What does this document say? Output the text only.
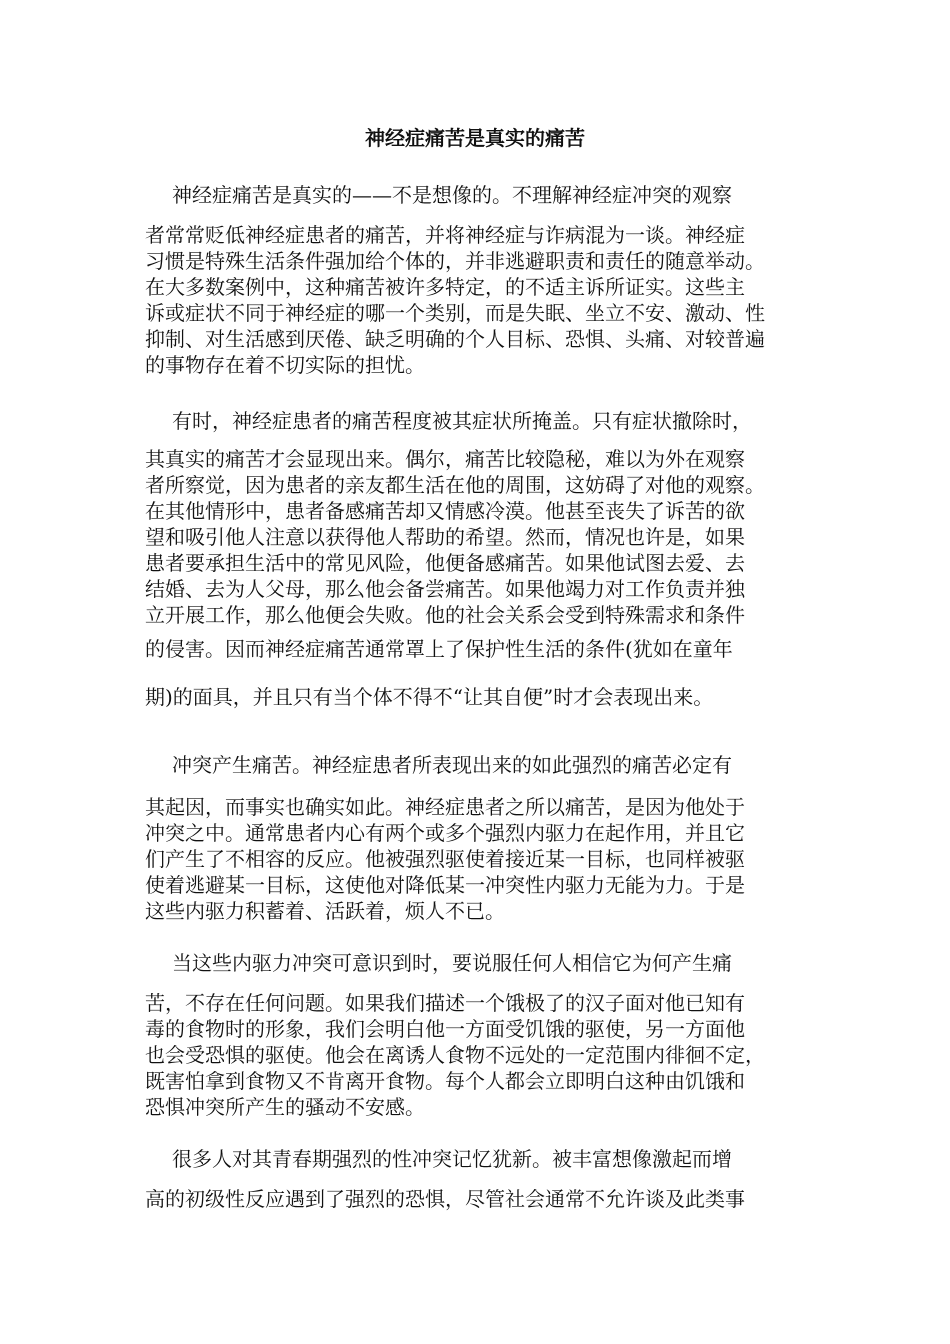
神经症痛苦是真实的痛苦
神经症痛苦是真实的——不是想像的。不理解神经症冲突的观察
者常常贬低神经症患者的痛苦，并将神经症与诈病混为一谈。神经症
习惯是特殊生活条件强加给个体的，并非逃避职责和责任的随意举动。
在大多数案例中，这种痛苦被许多特定，的不适主诉所证实。这些主
诉或症状不同于神经症的哪一个类别，而是失眠、坐立不安、激动、性
抑制、对生活感到厌倦、缺乏明确的个人目标、恐惧、头痛、对较普遍
的事物存在着不切实际的担忧。
有时，神经症患者的痛苦程度被其症状所掩盖。只有症状撤除时，
其真实的痛苦才会显现出来。偶尔，痛苦比较隐秘，难以为外在观察
者所察觉，因为患者的亲友都生活在他的周围，这妨碍了对他的观察。
在其他情形中，患者备感痛苦却又情感冷漠。他甚至丧失了诉苦的欲
望和吸引他人注意以获得他人帮助的希望。然而，情况也许是，如果
患者要承担生活中的常见风险，他便备感痛苦。如果他试图去爱、去
结婚、去为人父母，那么他会备尝痛苦。如果他竭力对工作负责并独
立开展工作，那么他便会失败。他的社会关系会受到特殊需求和条件
的侵害。因而神经症痛苦通常罩上了保护性生活的条件(犹如在童年
期)的面具，并且只有当个体不得不“让其自便”时才会表现出来。
冲突产生痛苦。神经症患者所表现出来的如此强烈的痛苦必定有
其起因，而事实也确实如此。神经症患者之所以痛苦，是因为他处于
冲突之中。通常患者内心有两个或多个强烈内驱力在起作用，并且它
们产生了不相容的反应。他被强烈驱使着接近某一目标，也同样被驱
使着逃避某一目标，这使他对降低某一冲突性内驱力无能为力。于是
这些内驱力积蓄着、活跃着，烦人不已。
当这些内驱力冲突可意识到时，要说服任何人相信它为何产生痛
苦，不存在任何问题。如果我们描述一个饿极了的汉子面对他已知有
毒的食物时的形象，我们会明白他一方面受饥饿的驱使，另一方面他
也会受恐惧的驱使。他会在离诱人食物不远处的一定范围内徘徊不定，
既害怕拿到食物又不肯离开食物。每个人都会立即明白这种由饥饿和
恐惧冲突所产生的骚动不安感。
很多人对其青春期强烈的性冲突记忆犹新。被丰富想像激起而增
高的初级性反应遇到了强烈的恐惧，尽管社会通常不允许谈及此类事
